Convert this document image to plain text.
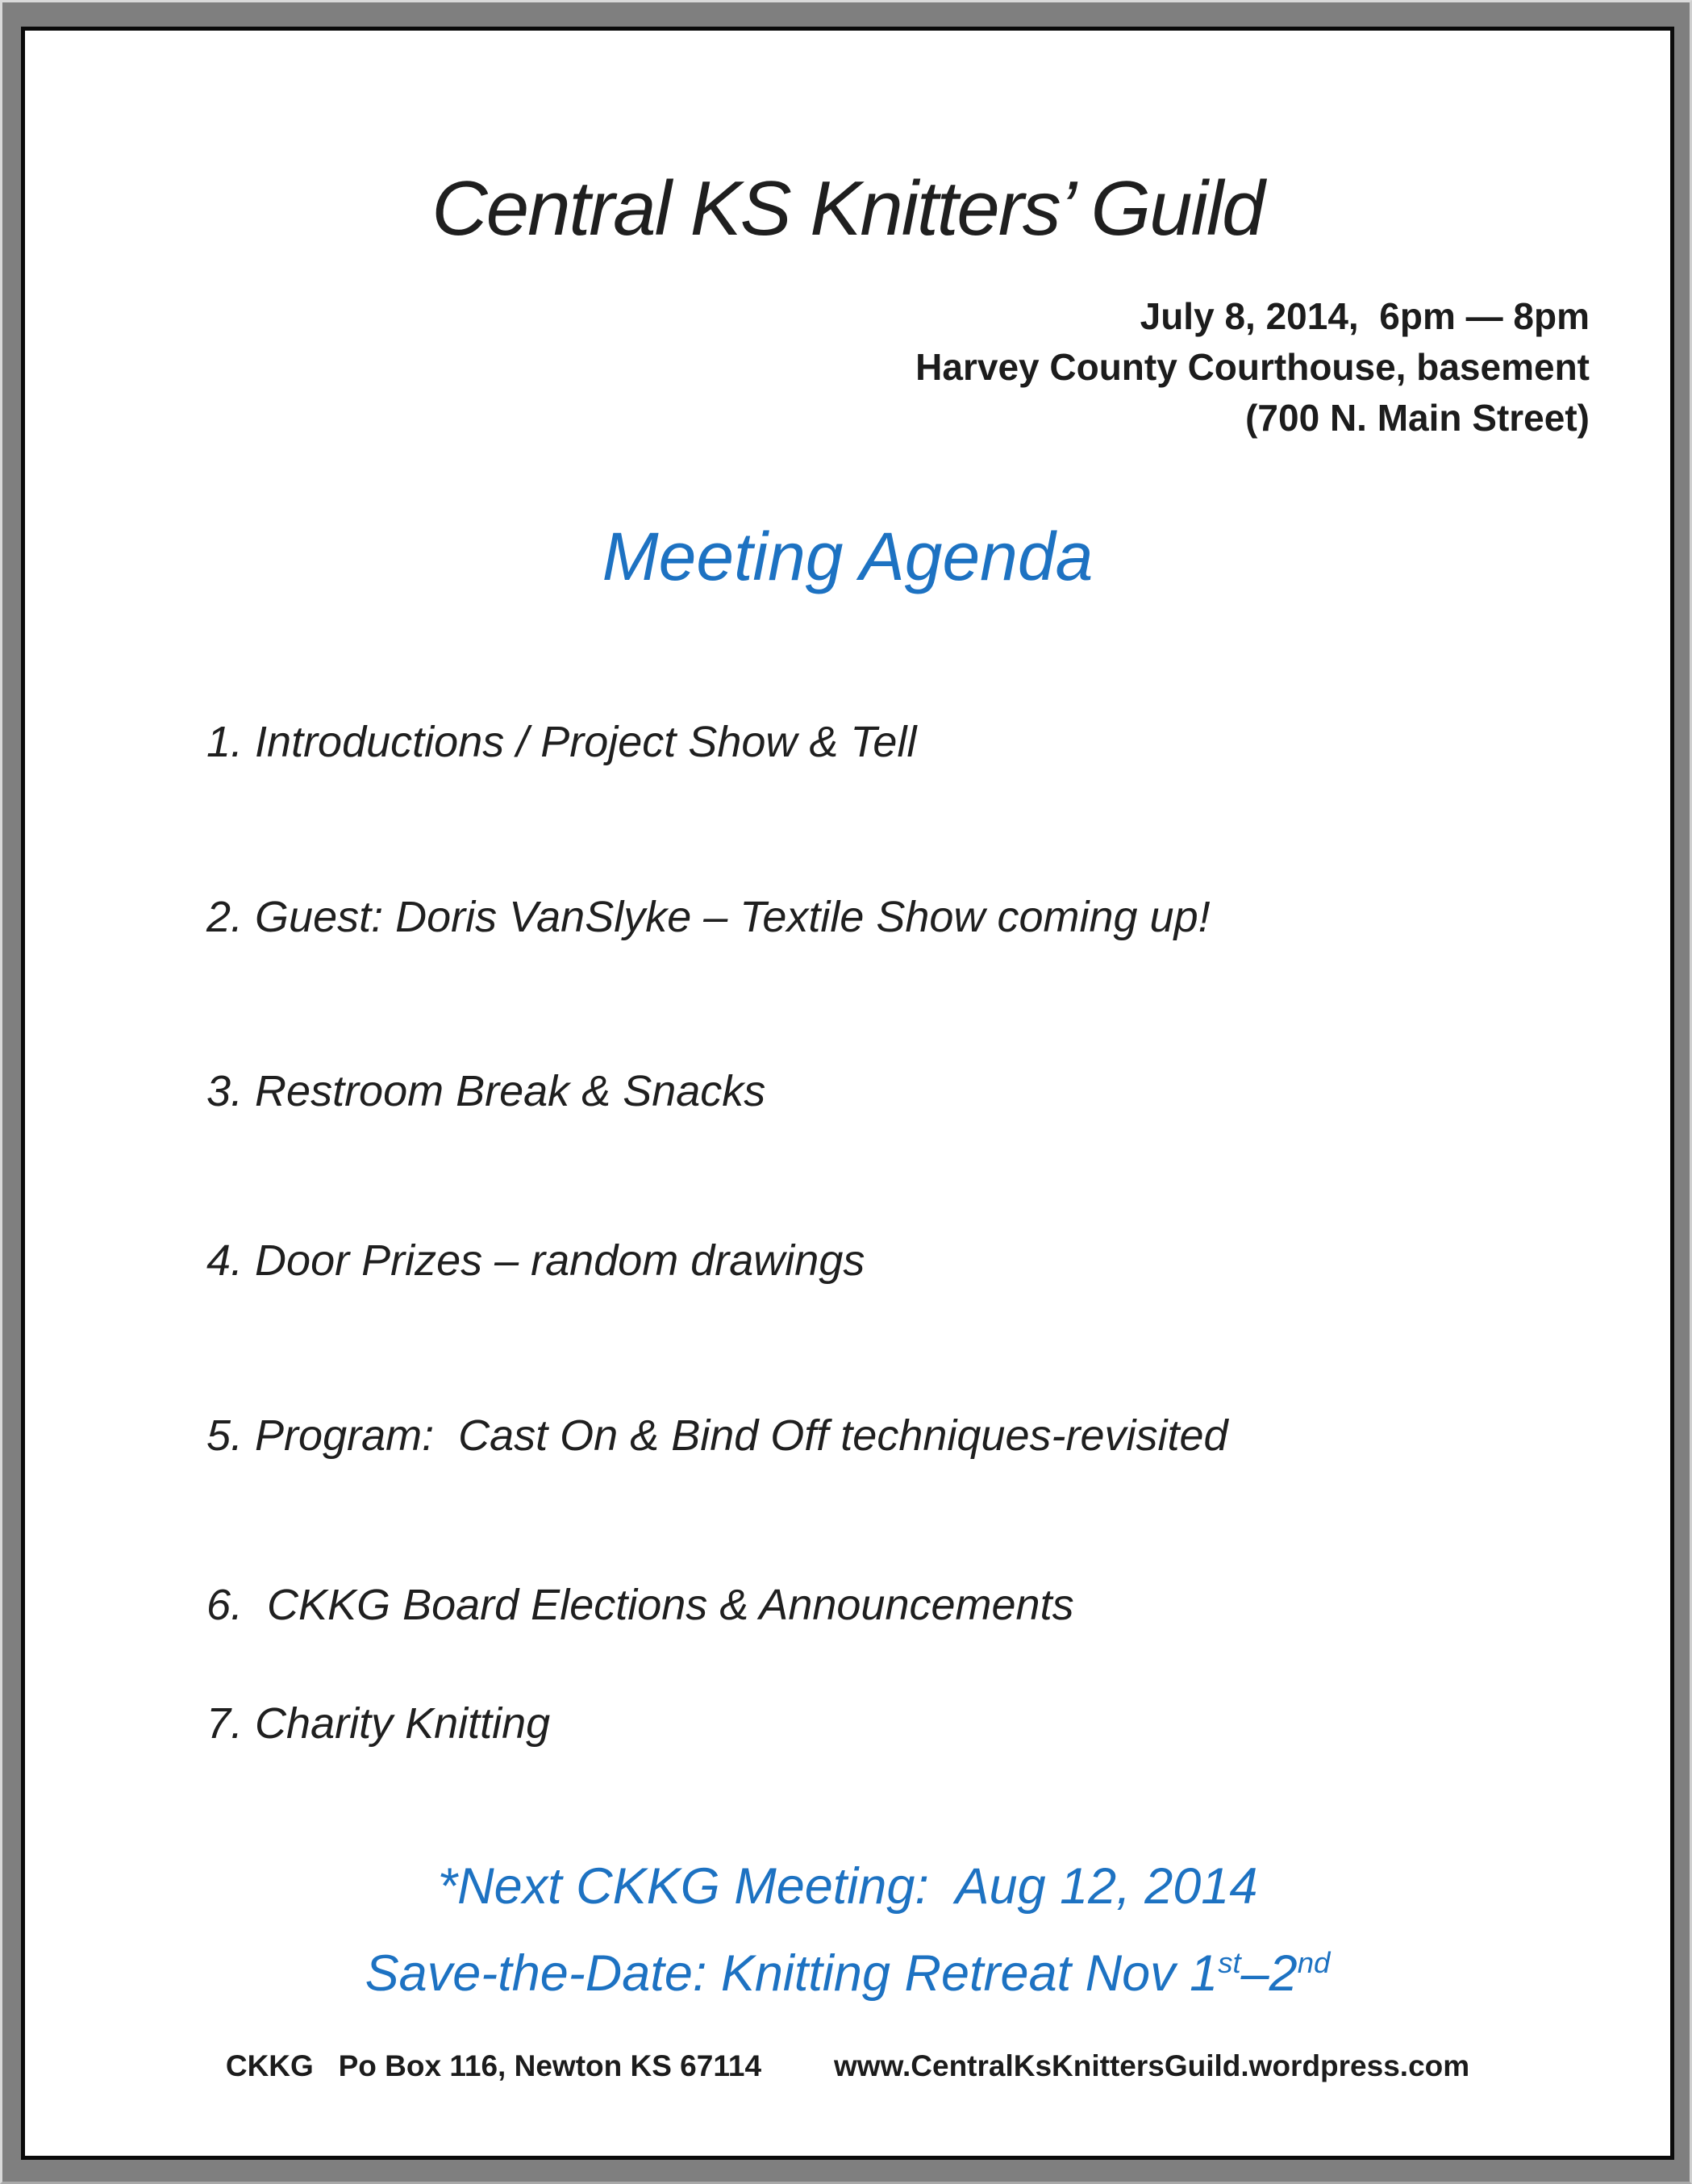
Central KS Knitters’ Guild
July 8, 2014,  6pm — 8pm
Harvey County Courthouse, basement
(700 N. Main Street)
Meeting Agenda
1. Introductions / Project Show & Tell
2. Guest: Doris VanSlyke – Textile Show coming up!
3. Restroom Break & Snacks
4. Door Prizes – random drawings
5. Program:  Cast On & Bind Off techniques-revisited
6.  CKKG Board Elections & Announcements
7. Charity Knitting
*Next CKKG Meeting:  Aug 12, 2014
Save-the-Date: Knitting Retreat Nov 1st–2nd
CKKG   Po Box 116, Newton KS 67114 www.CentralKsKnittersGuild.wordpress.com
